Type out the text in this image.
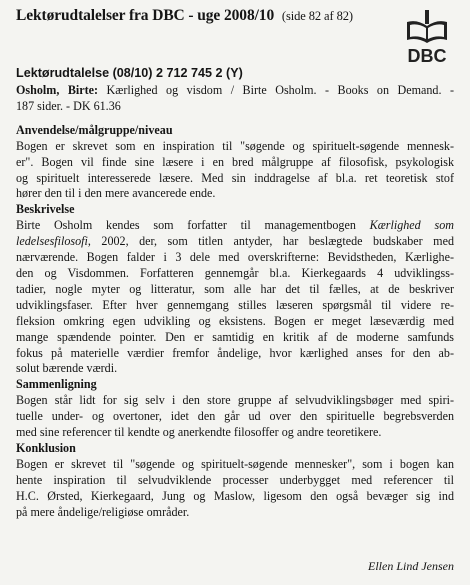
Lektørudtalelser fra DBC - uge 2008/10 (side 82 af 82)
DBC
Lektørudtalelse (08/10) 2 712 745 2 (Y)
Osholm, Birte: Kærlighed og visdom / Birte Osholm. - Books on Demand. -
187 sider. - DK 61.36
Anvendelse/målgruppe/niveau
Bogen er skrevet som en inspiration til "søgende og spirituelt-søgende mennesk-
er". Bogen vil finde sine læsere i en bred målgruppe af filosofisk, psykologisk
og spirituelt interesserede læsere. Med sin inddragelse af bl.a. ret teoretisk stof
hører den til i den mere avancerede ende.
Beskrivelse
Birte Osholm kendes som forfatter til managementbogen Kærlighed som
ledelsesfilosofi, 2002, der, som titlen antyder, har beslægtede budskaber med
nærværende. Bogen falder i 3 dele med overskrifterne: Bevidstheden, Kærlighe-
den og Visdommen. Forfatteren gennemgår bl.a. Kierkegaards 4 udviklingss-
tadier, nogle myter og litteratur, som alle har det til fælles, at de beskriver
udviklingsfaser. Efter hver gennemgang stilles læseren spørgsmål til videre re-
fleksion omkring egen udvikling og eksistens. Bogen er meget læseværdig med
mange spændende pointer. Den er samtidig en kritik af de moderne samfunds
fokus på materielle værdier fremfor åndelige, hvor kærlighed anses for den ab-
solut bærende værdi.
Sammenligning
Bogen står lidt for sig selv i den store gruppe af selvudviklingsbøger med spiri-
tuelle under- og overtoner, idet den går ud over den spirituelle begrebsverden
med sine referencer til kendte og anerkendte filosoffer og andre teoretikere.
Konklusion
Bogen er skrevet til "søgende og spirituelt-søgende mennesker", som i bogen kan
hente inspiration til selvudviklende processer underbygget med referencer til
H.C. Ørsted, Kierkegaard, Jung og Maslow, ligesom den også bevæger sig ind
på mere åndelige/religiøse områder.
Ellen Lind Jensen
